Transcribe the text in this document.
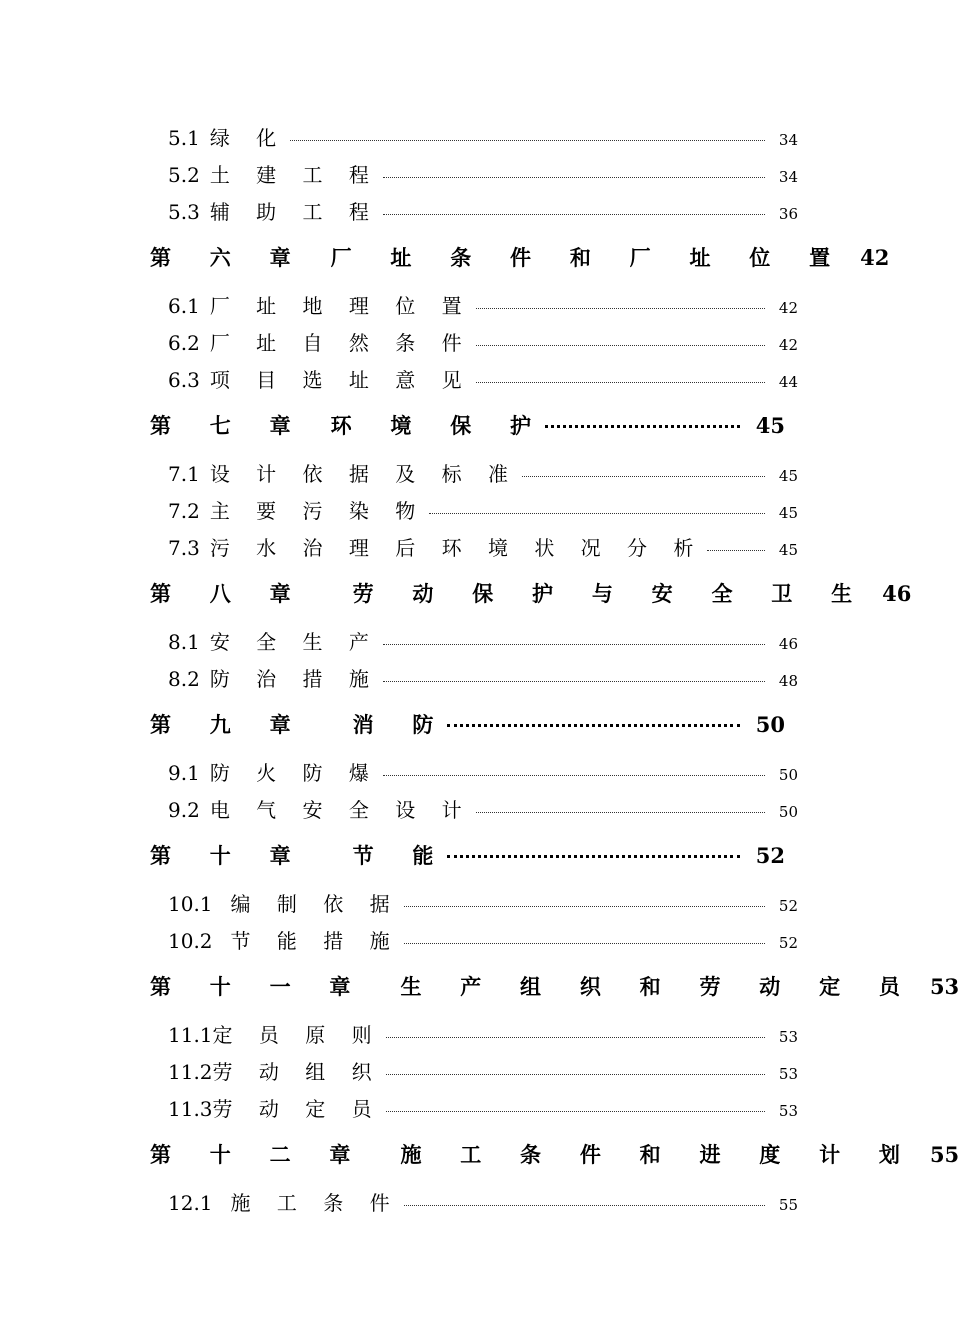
5.1 绿 化	34
5.2 土 建 工 程	34
5.3 辅 助 工 程	36
第 六 章 厂 址 条 件 和 厂 址 位 置 42
6.1 厂 址 地 理 位 置	42
6.2 厂 址 自 然 条 件	42
6.3 项 目 选 址 意 见	44
第 七 章 环 境 保 护	45
7.1 设 计 依 据 及 标 准	45
7.2 主 要 污 染 物	45
7.3 污 水 治 理 后 环 境 状 况 分 析	45
第 八 章 劳 动 保 护 与 安 全 卫 生 46
8.1 安 全 生 产	46
8.2 防 治 措 施	48
第 九 章 消 防	50
9.1 防 火 防 爆	50
9.2 电 气 安 全 设 计	50
第 十 章 节 能	52
10.1 编 制 依 据	52
10.2 节 能 措 施	52
第 十 一 章 生 产 组 织 和 劳 动 定 员 53
11.1 定 员 原 则	53
11.2 劳 动 组 织	53
11.3 劳 动 定 员	53
第 十 二 章 施 工 条 件 和 进 度 计 划 55
12.1 施 工 条 件	55
